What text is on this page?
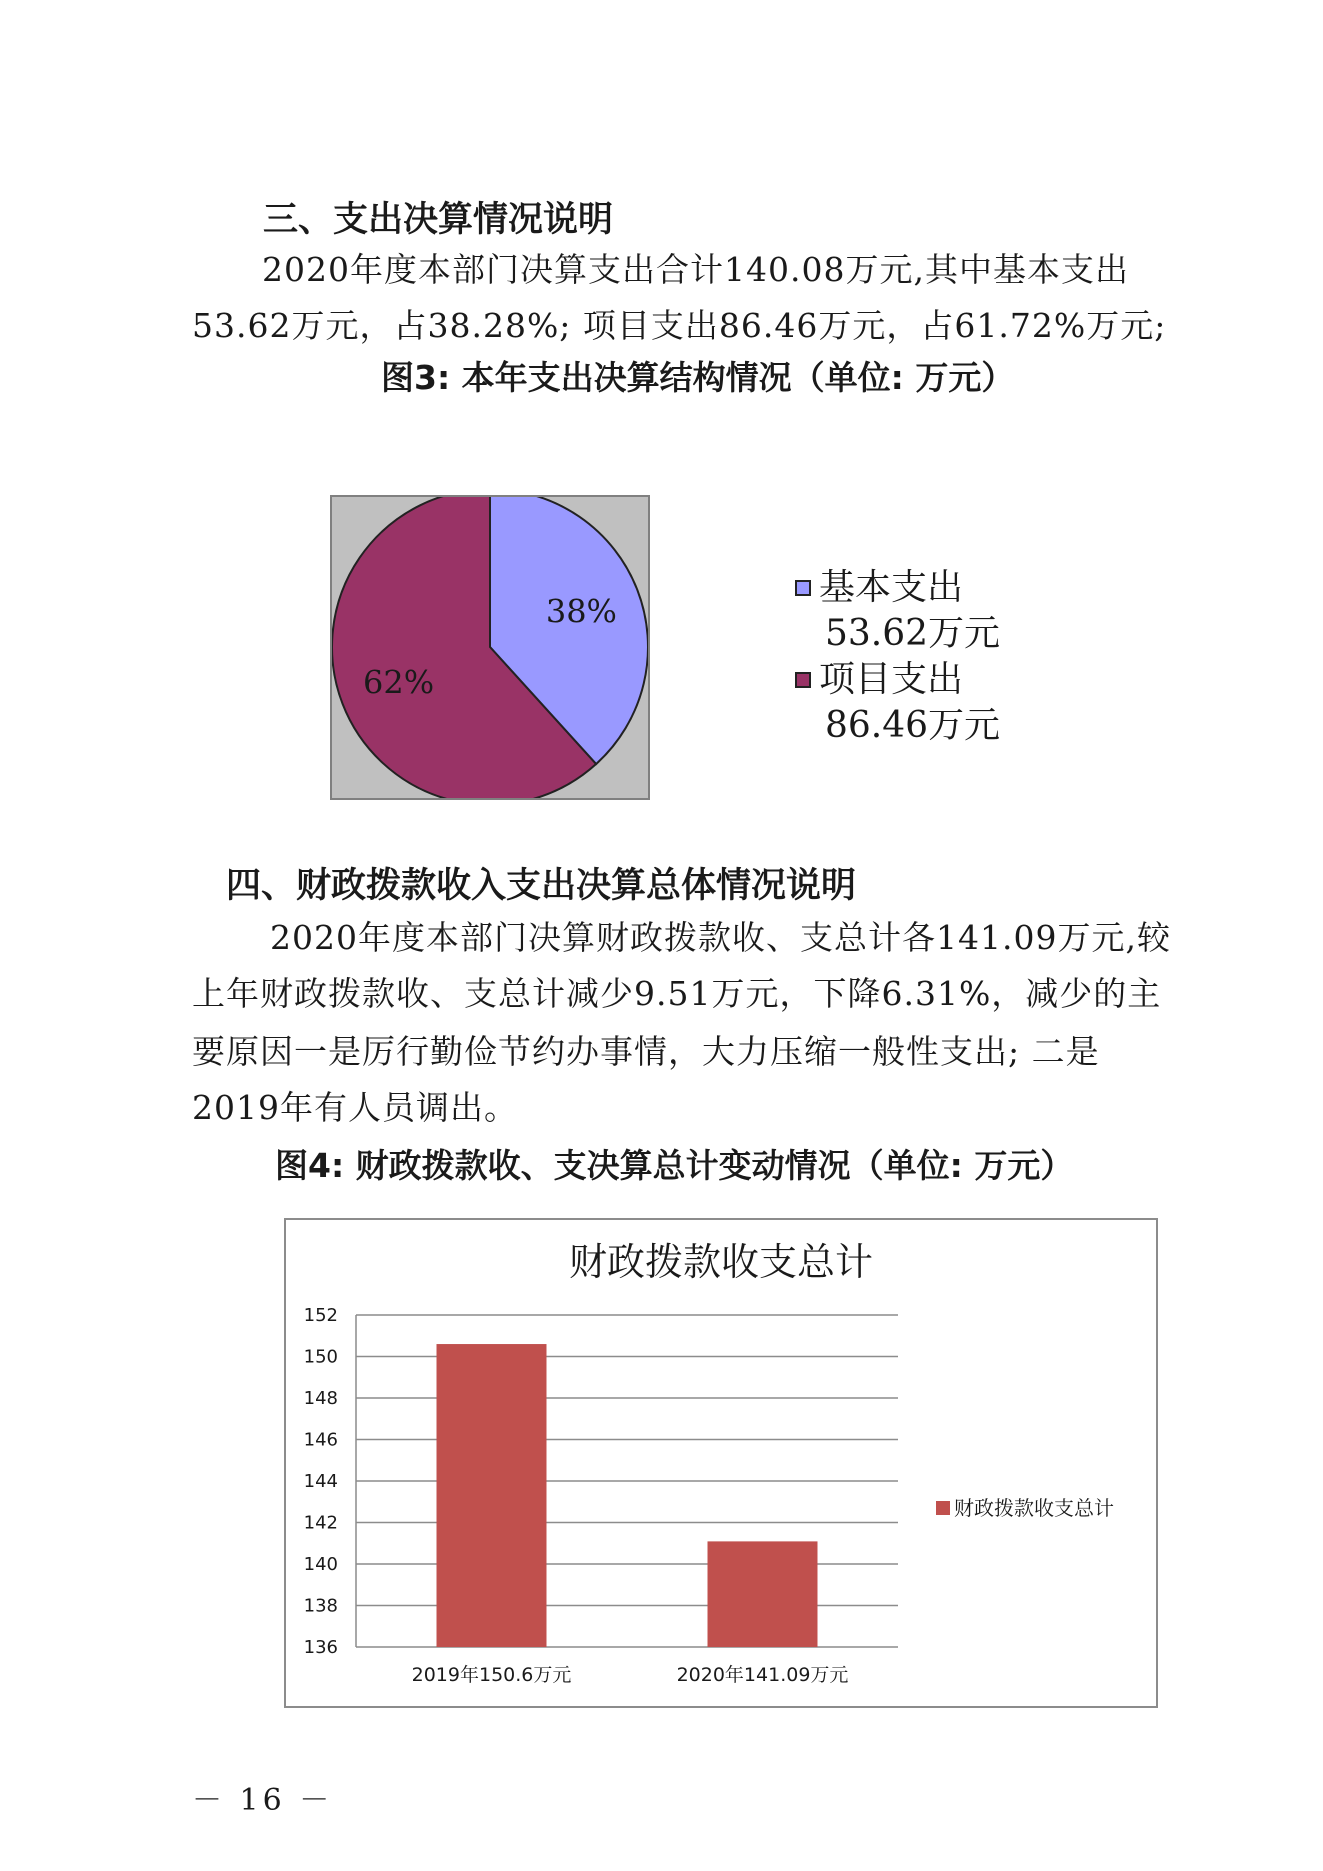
三、支出决算情况说明
2020年度本部门决算支出合计140.08万元,其中基本支出
53.62万元，占38.28%; 项目支出86.46万元，占61.72%万元;
图3: 本年支出决算结构情况（单位: 万元）
38%
62%
基本支出
53.62万元
项目支出
86.46万元
四、财政拨款收入支出决算总体情况说明
2020年度本部门决算财政拨款收、支总计各141.09万元,较
上年财政拨款收、支总计减少9.51万元，下降6.31%，减少的主
要原因一是厉行勤俭节约办事情，大力压缩一般性支出; 二是
2019年有人员调出。
图4: 财政拨款收、支决算总计变动情况（单位: 万元）
财政拨款收支总计
136
138
140
142
144
146
148
150
152
2019年150.6万元	2020年141.09万元
财政拨款收支总计
－ 16 －
